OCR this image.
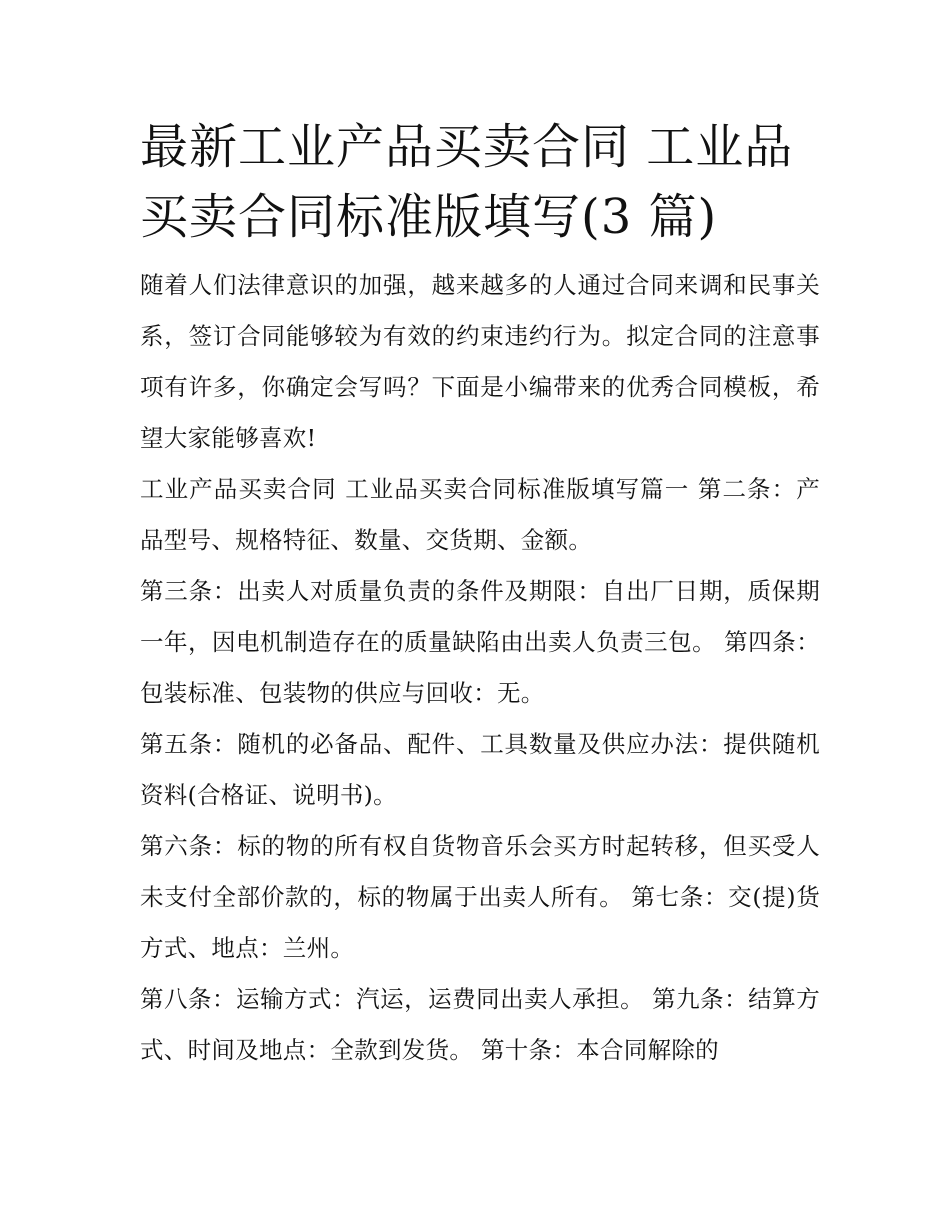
最新工业产品买卖合同 工业品
买卖合同标准版填写(3 篇)

随着人们法律意识的加强，越来越多的人通过合同来调和民事关系，签订合同能够较为有效的约束违约行为。拟定合同的注意事项有许多，你确定会写吗？下面是小编带来的优秀合同模板，希望大家能够喜欢!

工业产品买卖合同 工业品买卖合同标准版填写篇一 第二条：产品型号、规格特征、数量、交货期、金额。

第三条：出卖人对质量负责的条件及期限：自出厂日期，质保期一年，因电机制造存在的质量缺陷由出卖人负责三包。 第四条：包装标准、包装物的供应与回收：无。

第五条：随机的必备品、配件、工具数量及供应办法：提供随机资料(合格证、说明书)。

第六条：标的物的所有权自货物音乐会买方时起转移，但买受人未支付全部价款的，标的物属于出卖人所有。 第七条：交(提)货方式、地点：兰州。

第八条：运输方式：汽运，运费同出卖人承担。 第九条：结算方式、时间及地点：全款到发货。 第十条：本合同解除的
